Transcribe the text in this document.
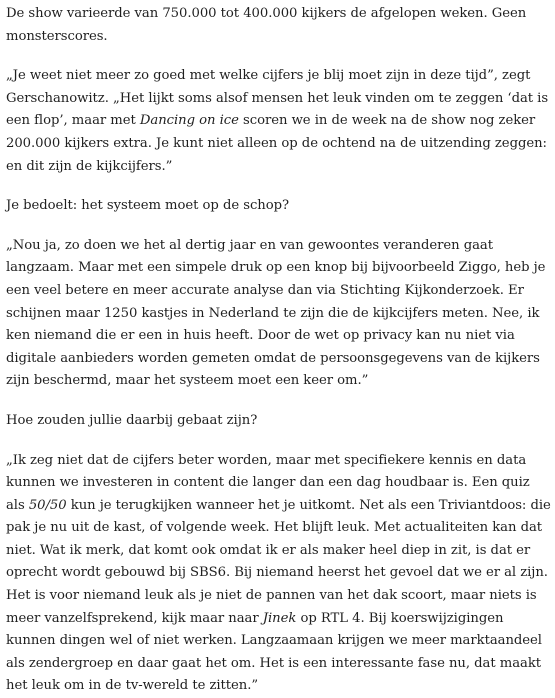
De show varieerde van 750.000 tot 400.000 kijkers de afgelopen weken. Geen monsterscores.

„Je weet niet meer zo goed met welke cijfers je blij moet zijn in deze tijd”, zegt Gerschanowitz. „Het lijkt soms alsof mensen het leuk vinden om te zeggen ‘dat is een flop’, maar met Dancing on ice scoren we in de week na de show nog zeker 200.000 kijkers extra. Je kunt niet alleen op de ochtend na de uitzending zeggen: en dit zijn de kijkcijfers.”

Je bedoelt: het systeem moet op de schop?

„Nou ja, zo doen we het al dertig jaar en van gewoontes veranderen gaat langzaam. Maar met een simpele druk op een knop bij bijvoorbeeld Ziggo, heb je een veel betere en meer accurate analyse dan via Stichting Kijkonderzoek. Er schijnen maar 1250 kastjes in Nederland te zijn die de kijkcijfers meten. Nee, ik ken niemand die er een in huis heeft. Door de wet op privacy kan nu niet via digitale aanbieders worden gemeten omdat de persoonsgegevens van de kijkers zijn beschermd, maar het systeem moet een keer om.”

Hoe zouden jullie daarbij gebaat zijn?

„Ik zeg niet dat de cijfers beter worden, maar met specifiekere kennis en data kunnen we investeren in content die langer dan een dag houdbaar is. Een quiz als 50/50 kun je terugkijken wanneer het je uitkomt. Net als een Triviantdoos: die pak je nu uit de kast, of volgende week. Het blijft leuk. Met actualiteiten kan dat niet. Wat ik merk, dat komt ook omdat ik er als maker heel diep in zit, is dat er oprecht wordt gebouwd bij SBS6. Bij niemand heerst het gevoel dat we er al zijn. Het is voor niemand leuk als je niet de pannen van het dak scoort, maar niets is meer vanzelfsprekend, kijk maar naar Jinek op RTL 4. Bij koerswijzigingen kunnen dingen wel of niet werken. Langzaamaan krijgen we meer marktaandeel als zendergroep en daar gaat het om. Het is een interessante fase nu, dat maakt het leuk om in de tv-wereld te zitten.”
